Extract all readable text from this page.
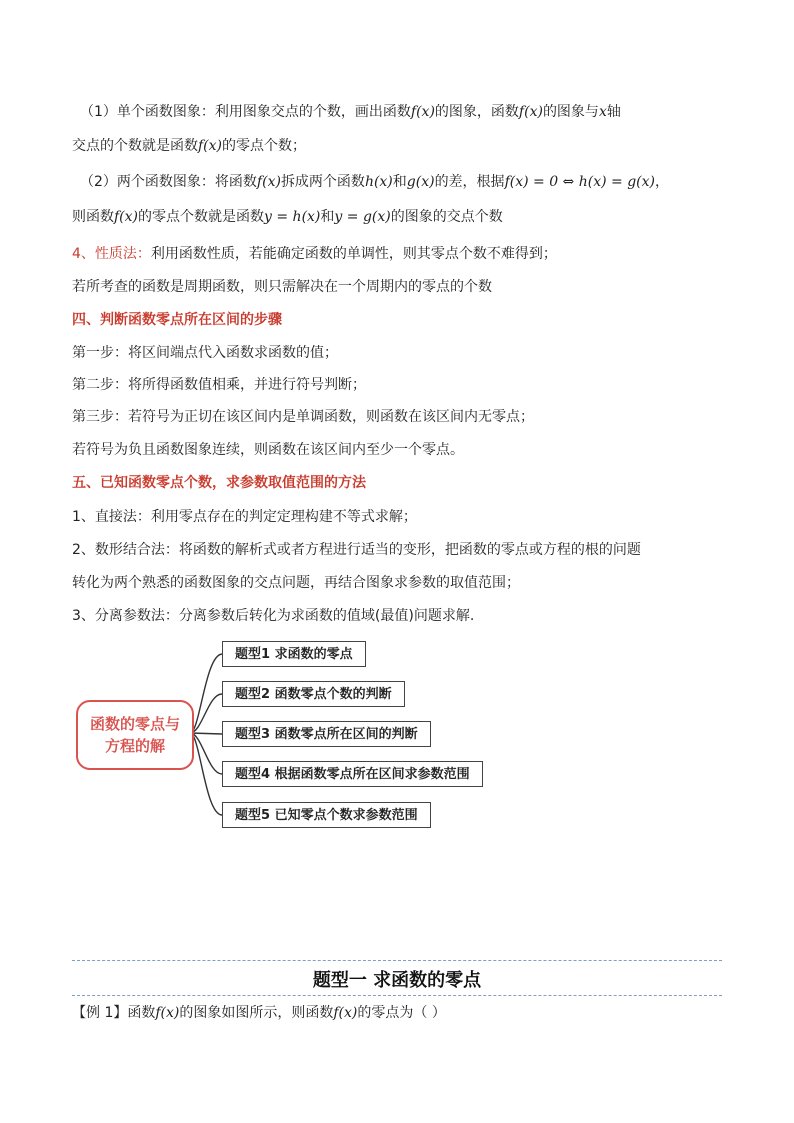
（1）单个函数图象：利用图象交点的个数，画出函数f(x)的图象，函数f(x)的图象与x轴
交点的个数就是函数f(x)的零点个数；
（2）两个函数图象：将函数f(x)拆成两个函数h(x)和g(x)的差，根据f(x) = 0 ⇔ h(x) = g(x)，
则函数f(x)的零点个数就是函数y = h(x)和y = g(x)的图象的交点个数
4、性质法：利用函数性质，若能确定函数的单调性，则其零点个数不难得到；
若所考查的函数是周期函数，则只需解决在一个周期内的零点的个数
四、判断函数零点所在区间的步骤
第一步：将区间端点代入函数求函数的值；
第二步：将所得函数值相乘，并进行符号判断；
第三步：若符号为正切在该区间内是单调函数，则函数在该区间内无零点；
若符号为负且函数图象连续，则函数在该区间内至少一个零点。
五、已知函数零点个数，求参数取值范围的方法
1、直接法：利用零点存在的判定定理构建不等式求解；
2、数形结合法：将函数的解析式或者方程进行适当的变形，把函数的零点或方程的根的问题
转化为两个熟悉的函数图象的交点问题，再结合图象求参数的取值范围；
3、分离参数法：分离参数后转化为求函数的值域(最值)问题求解.
函数的零点与方程的解
题型1 求函数的零点
题型2 函数零点个数的判断
题型3 函数零点所在区间的判断
题型4 根据函数零点所在区间求参数范围
题型5 已知零点个数求参数范围
题型一 求函数的零点
【例 1】函数f(x)的图象如图所示，则函数f(x)的零点为（ ）
